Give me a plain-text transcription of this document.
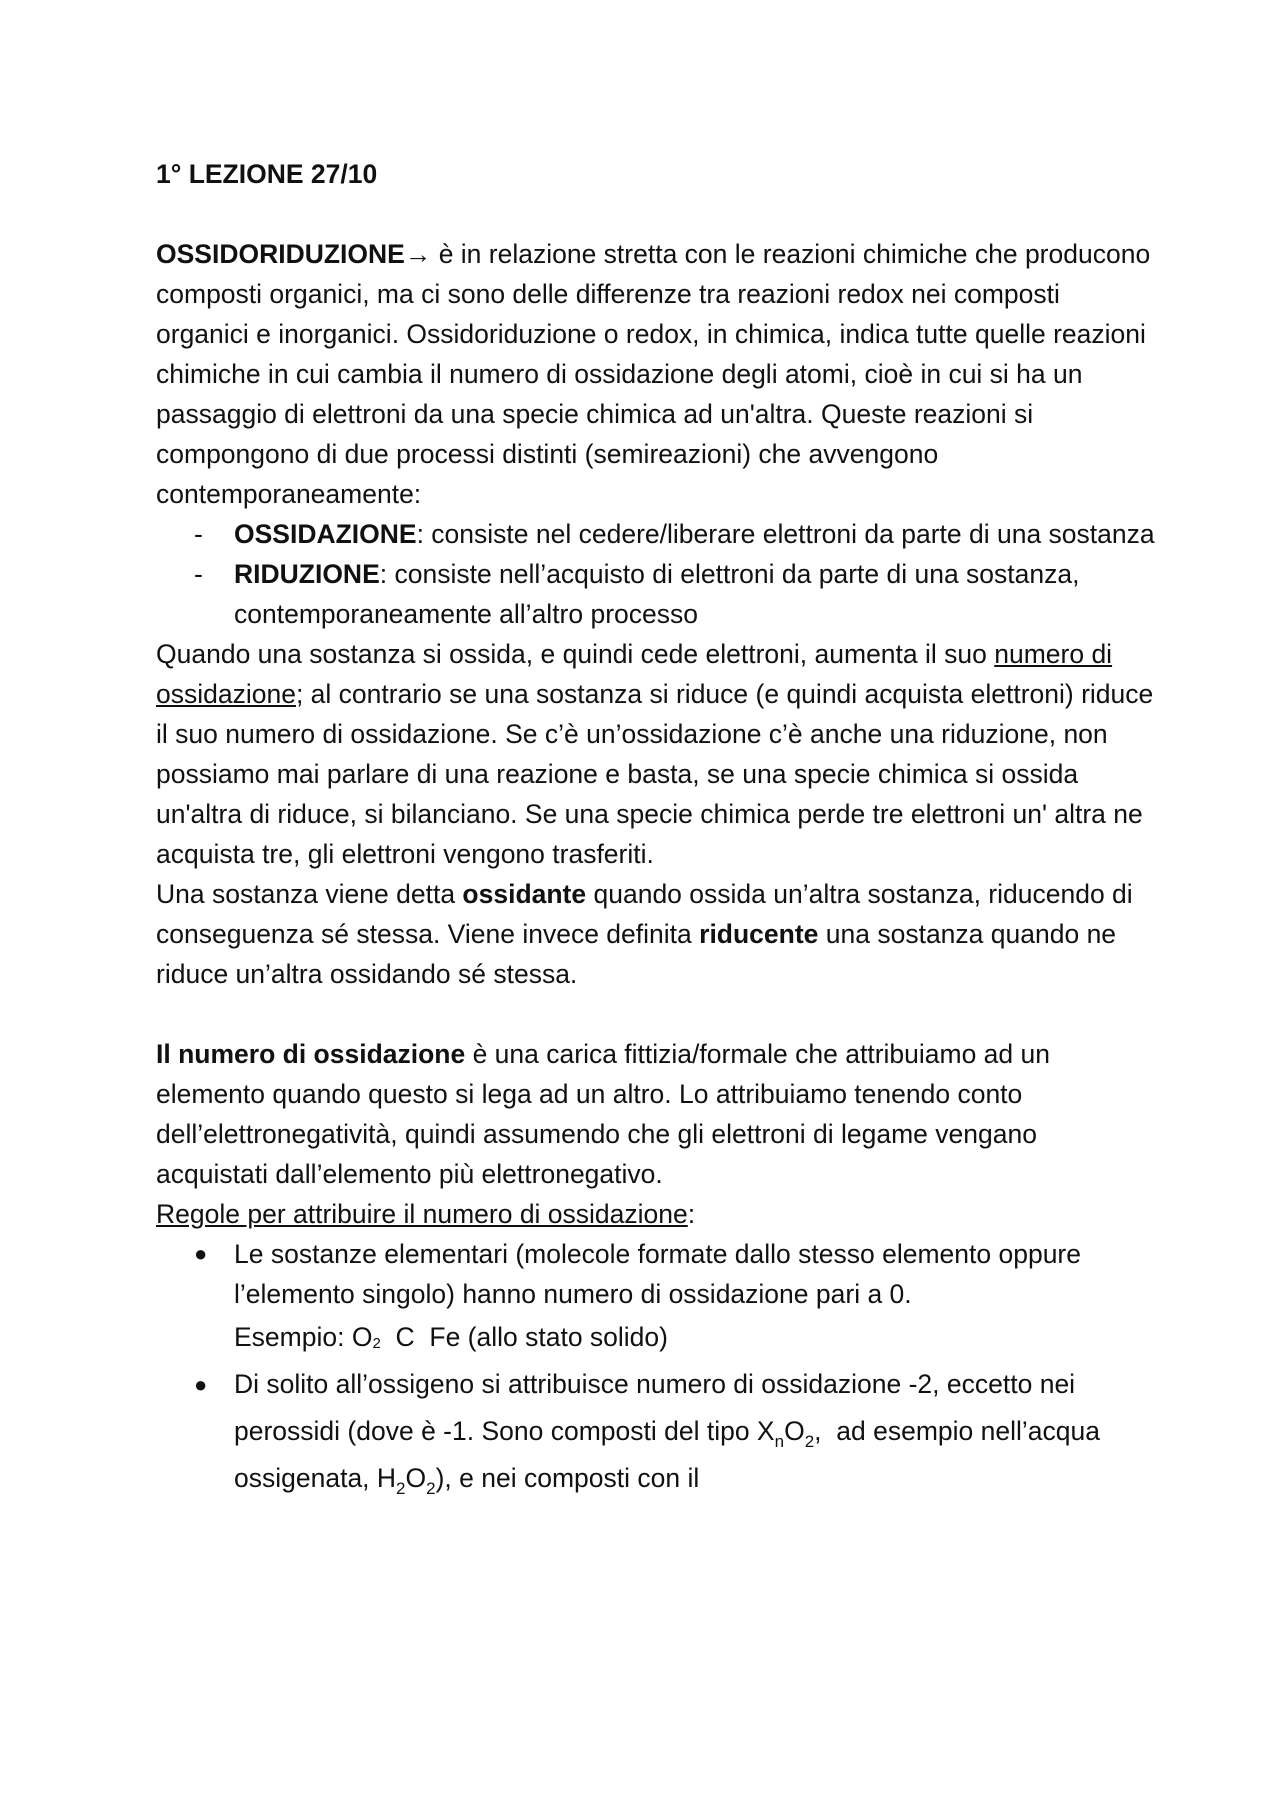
1° LEZIONE 27/10

OSSIDORIDUZIONE→ è in relazione stretta con le reazioni chimiche che producono composti organici, ma ci sono delle differenze tra reazioni redox nei composti organici e inorganici. Ossidoriduzione o redox, in chimica, indica tutte quelle reazioni chimiche in cui cambia il numero di ossidazione degli atomi, cioè in cui si ha un passaggio di elettroni da una specie chimica ad un'altra. Queste reazioni si compongono di due processi distinti (semireazioni) che avvengono contemporaneamente:

- OSSIDAZIONE: consiste nel cedere/liberare elettroni da parte di una sostanza
- RIDUZIONE: consiste nell’acquisto di elettroni da parte di una sostanza, contemporaneamente all’altro processo

Quando una sostanza si ossida, e quindi cede elettroni, aumenta il suo numero di ossidazione; al contrario se una sostanza si riduce (e quindi acquista elettroni) riduce il suo numero di ossidazione. Se c’è un’ossidazione c’è anche una riduzione, non possiamo mai parlare di una reazione e basta, se una specie chimica si ossida un'altra di riduce, si bilanciano. Se una specie chimica perde tre elettroni un' altra ne acquista tre, gli elettroni vengono trasferiti.

Una sostanza viene detta ossidante quando ossida un’altra sostanza, riducendo di conseguenza sé stessa. Viene invece definita riducente una sostanza quando ne riduce un’altra ossidando sé stessa.

Il numero di ossidazione è una carica fittizia/formale che attribuiamo ad un elemento quando questo si lega ad un altro. Lo attribuiamo tenendo conto dell’elettronegatività, quindi assumendo che gli elettroni di legame vengano acquistati dall’elemento più elettronegativo.

Regole per attribuire il numero di ossidazione:

● Le sostanze elementari (molecole formate dallo stesso elemento oppure l’elemento singolo) hanno numero di ossidazione pari a 0.
Esempio: $O_2$  C  Fe (allo stato solido)
● Di solito all’ossigeno si attribuisce numero di ossidazione -2, eccetto nei perossidi (dove è -1. Sono composti del tipo $X_nO_2$,  ad esempio nell’acqua ossigenata, $H_2O_2$), e nei composti con il
